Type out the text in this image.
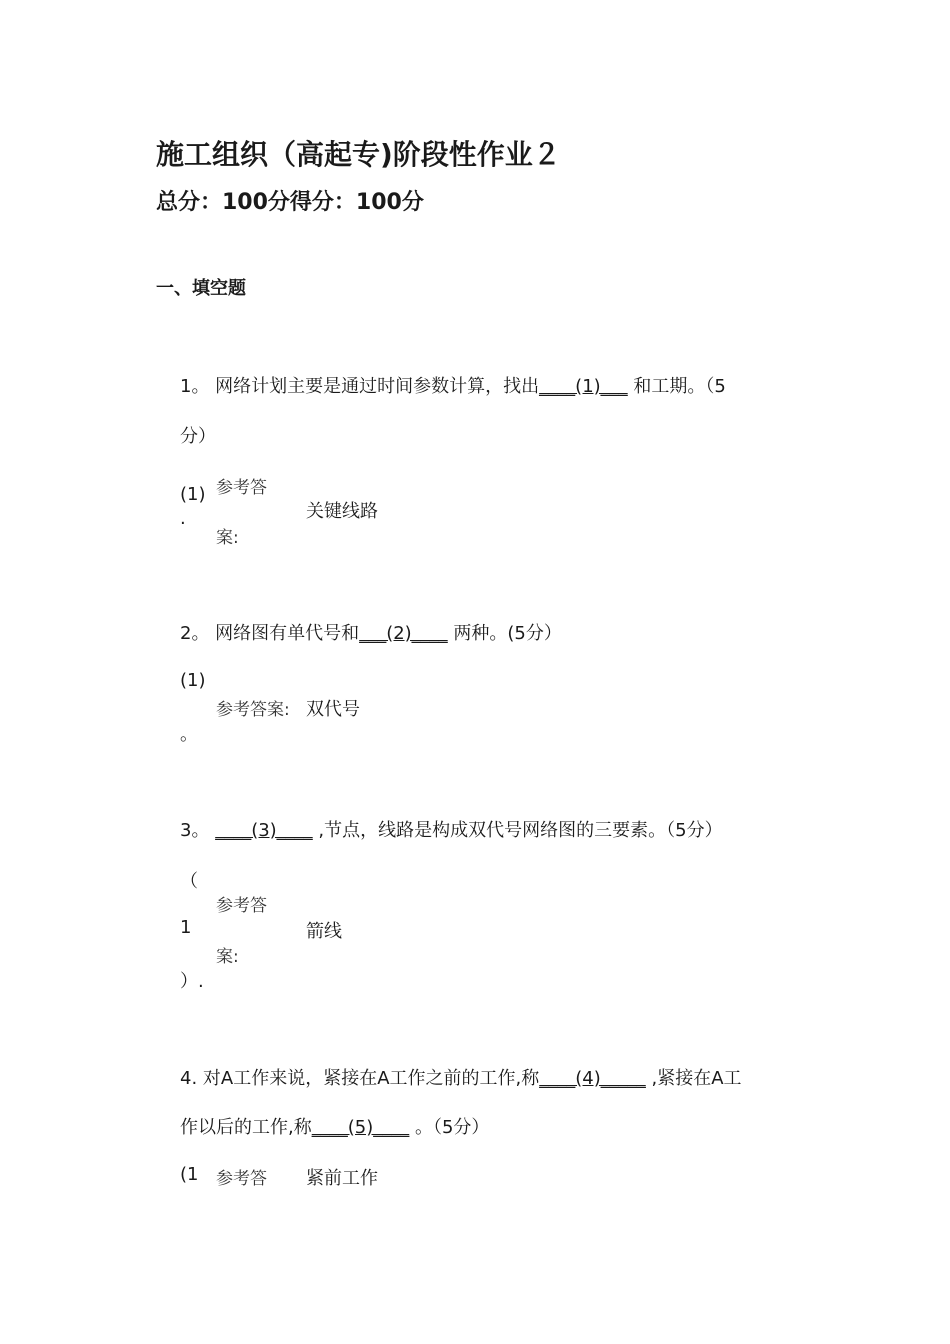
施工组织（高起专)阶段性作业２
总分：100分得分：100分
一、填空题
1。 网络计划主要是通过时间参数计算，找出____(1)___ 和工期。（5
分）
(1)
.
参考答
案:
关键线路
2。 网络图有单代号和___(2)____ 两种。(5分）
(1)
。
参考答案: 双代号
3。 ____(3)____ ,节点，线路是构成双代号网络图的三要素。（5分）
（
1
）.
参考答
案:
箭线
4. 对A工作来说，紧接在A工作之前的工作,称____(4)_____ ,紧接在A工
作以后的工作,称____(5)____ 。（5分）
(1 参考答 紧前工作
